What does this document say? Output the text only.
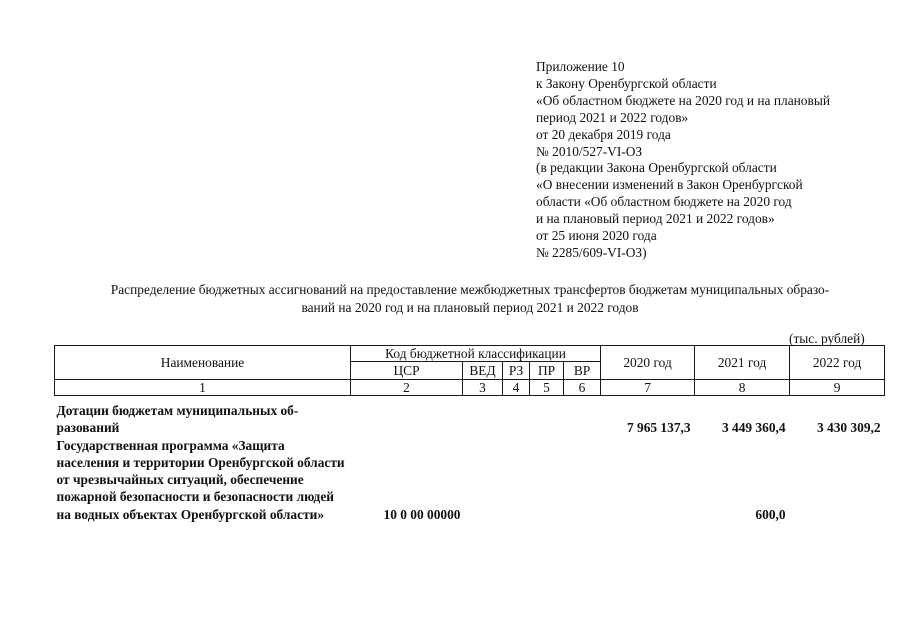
Приложение 10
к Закону Оренбургской области
«Об областном бюджете на 2020 год и на плановый
период 2021 и 2022 годов»
от 20 декабря 2019 года
№ 2010/527-VI-ОЗ
(в редакции Закона Оренбургской области
«О внесении изменений в Закон Оренбургской
области «Об областном бюджете на 2020 год
и на плановый период 2021 и 2022 годов»
от 25 июня 2020 года
№ 2285/609-VI-ОЗ)
Распределение бюджетных ассигнований на предоставление межбюджетных трансфертов бюджетам муниципальных образо-
ваний на 2020 год и на плановый период 2021 и 2022 годов
(тыс. рублей)
Наименование	Код бюджетной классификации					2020 год	2021 год	2022 год
	ЦСР	ВЕД	РЗ	ПР	ВР			
1	2	3	4	5	6	7	8	9

Дотации бюджетам муниципальных об-разований						7 965 137,3	3 449 360,4	3 430 309,2
Государственная программа «Защита населения и территории Оренбургской области от чрезвычайных ситуаций, обеспечение пожарной безопасности и безопасности людей на водных объектах Оренбургской области»	10 0 00 00000						600,0	
